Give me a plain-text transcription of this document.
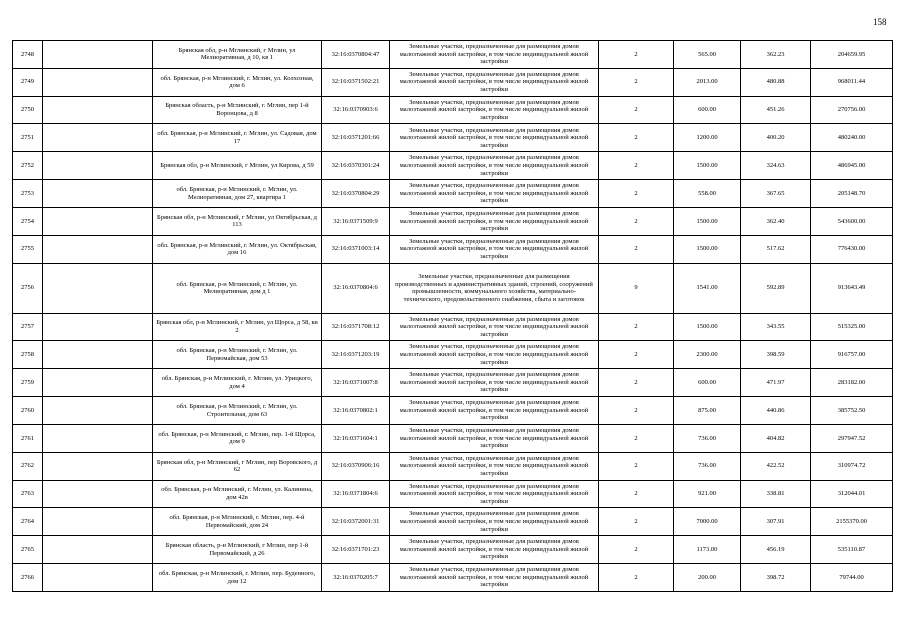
158
2748		Брянская обл, р-н Мглинский, г Мглин, ул Мелиоративная, д 10, кв 1	32:16:0370804:47	Земельные участки, предназначенные для размещения домов малоэтажной жилой застройки, в том числе индивидуальной жилой застройки	2	565.00	362.23	204659.95
2749		обл. Брянская, р-н Мглинский, г. Мглин, ул. Колхозная, дом 6	32:16:0371502:21	Земельные участки, предназначенные для размещения домов малоэтажной жилой застройки, в том числе индивидуальной жилой застройки	2	2013.00	480.88	968011.44
2750		Брянская область, р-н Мглинский, г. Мглин, пер 1-й Воронцова, д 8	32:16:0370903:6	Земельные участки, предназначенные для размещения домов малоэтажной жилой застройки, в том числе индивидуальной жилой застройки	2	600.00	451.26	270756.00
2751		обл. Брянская, р-н Мглинский, г. Мглин, ул. Садовая, дом 17	32:16:0371201:66	Земельные участки, предназначенные для размещения домов малоэтажной жилой застройки, в том числе индивидуальной жилой застройки	2	1200.00	400.20	480240.00
2752		Брянская обл, р-н Мглинский, г Мглин, ул Кирова, д 59	32:16:0370301:24	Земельные участки, предназначенные для размещения домов малоэтажной жилой застройки, в том числе индивидуальной жилой застройки	2	1500.00	324.63	486945.00
2753		обл. Брянская, р-н Мглинский, г. Мглин, ул. Мелиоративная, дом 27, квартира 1	32:16:0370804:29	Земельные участки, предназначенные для размещения домов малоэтажной жилой застройки, в том числе индивидуальной жилой застройки	2	558.00	367.65	205148.70
2754		Брянская обл, р-н Мглинский, г Мглин, ул Октябрьская, д 113	32:16:0371509:9	Земельные участки, предназначенные для размещения домов малоэтажной жилой застройки, в том числе индивидуальной жилой застройки	2	1500.00	362.40	543600.00
2755		обл. Брянская, р-н Мглинский, г. Мглин, ул. Октябрьская, дом 16	32:16:0371003:14	Земельные участки, предназначенные для размещения домов малоэтажной жилой застройки, в том числе индивидуальной жилой застройки	2	1500.00	517.62	776430.00
2756		обл. Брянская, р-н Мглинский, г. Мглин, ул. Мелиоративная, дом д 1	32:16:0370804:6	Земельные участки, предназначенные для размещения производственных и административных зданий, строений, сооружений промышленности, коммунального хозяйства, материально-технического, продовольственного снабжения, сбыта и заготовок	9	1541.00	592.89	913643.49
2757		Брянская обл, р-н Мглинский, г Мглин, ул Щорса, д 58, кв 2	32:16:0371708:12	Земельные участки, предназначенные для размещения домов малоэтажной жилой застройки, в том числе индивидуальной жилой застройки	2	1500.00	343.55	515325.00
2758		обл. Брянская, р-н Мглинский, г. Мглин, ул. Первомайская, дом 53	32:16:0371203:19	Земельные участки, предназначенные для размещения домов малоэтажной жилой застройки, в том числе индивидуальной жилой застройки	2	2300.00	398.59	916757.00
2759		обл. Брянская, р-н Мглинский, г. Мглин, ул. Урицкого, дом 4	32:16:0371007:8	Земельные участки, предназначенные для размещения домов малоэтажной жилой застройки, в том числе индивидуальной жилой застройки	2	600.00	471.97	283182.00
2760		обл. Брянская, р-н Мглинский, г. Мглин, ул. Строительная, дом 63	32:16:0370802:1	Земельные участки, предназначенные для размещения домов малоэтажной жилой застройки, в том числе индивидуальной жилой застройки	2	875.00	440.86	385752.50
2761		обл. Брянская, р-н Мглинский, г. Мглин, пер. 1-й Щорса, дом 9	32:16:0371604:1	Земельные участки, предназначенные для размещения домов малоэтажной жилой застройки, в том числе индивидуальной жилой застройки	2	736.00	404.82	297947.52
2762		Брянская обл, р-н Мглинский, г Мглин, пер Воровского, д 62	32:16:0370906:16	Земельные участки, предназначенные для размещения домов малоэтажной жилой застройки, в том числе индивидуальной жилой застройки	2	736.00	422.52	310974.72
2763		обл. Брянская, р-н Мглинский, г. Мглин, ул. Калинина, дом 42в	32:16:0371804:6	Земельные участки, предназначенные для размещения домов малоэтажной жилой застройки, в том числе индивидуальной жилой застройки	2	921.00	338.81	312044.01
2764		обл. Брянская, р-н Мглинский, г. Мглин, пер. 4-й Первомайский, дом 24	32:16:0372001:31	Земельные участки, предназначенные для размещения домов малоэтажной жилой застройки, в том числе индивидуальной жилой застройки	2	7000.00	307.91	2155370.00
2765		Брянская область, р-н Мглинский, г Мглин, пер 1-й Первомайский, д 26	32:16:0371701:23	Земельные участки, предназначенные для размещения домов малоэтажной жилой застройки, в том числе индивидуальной жилой застройки	2	1173.00	456.19	535110.87
2766		обл. Брянская, р-н Мглинский, г. Мглин, пер. Буденного, дом 12	32:16:0370205:7	Земельные участки, предназначенные для размещения домов малоэтажной жилой застройки, в том числе индивидуальной жилой застройки	2	200.00	398.72	79744.00
